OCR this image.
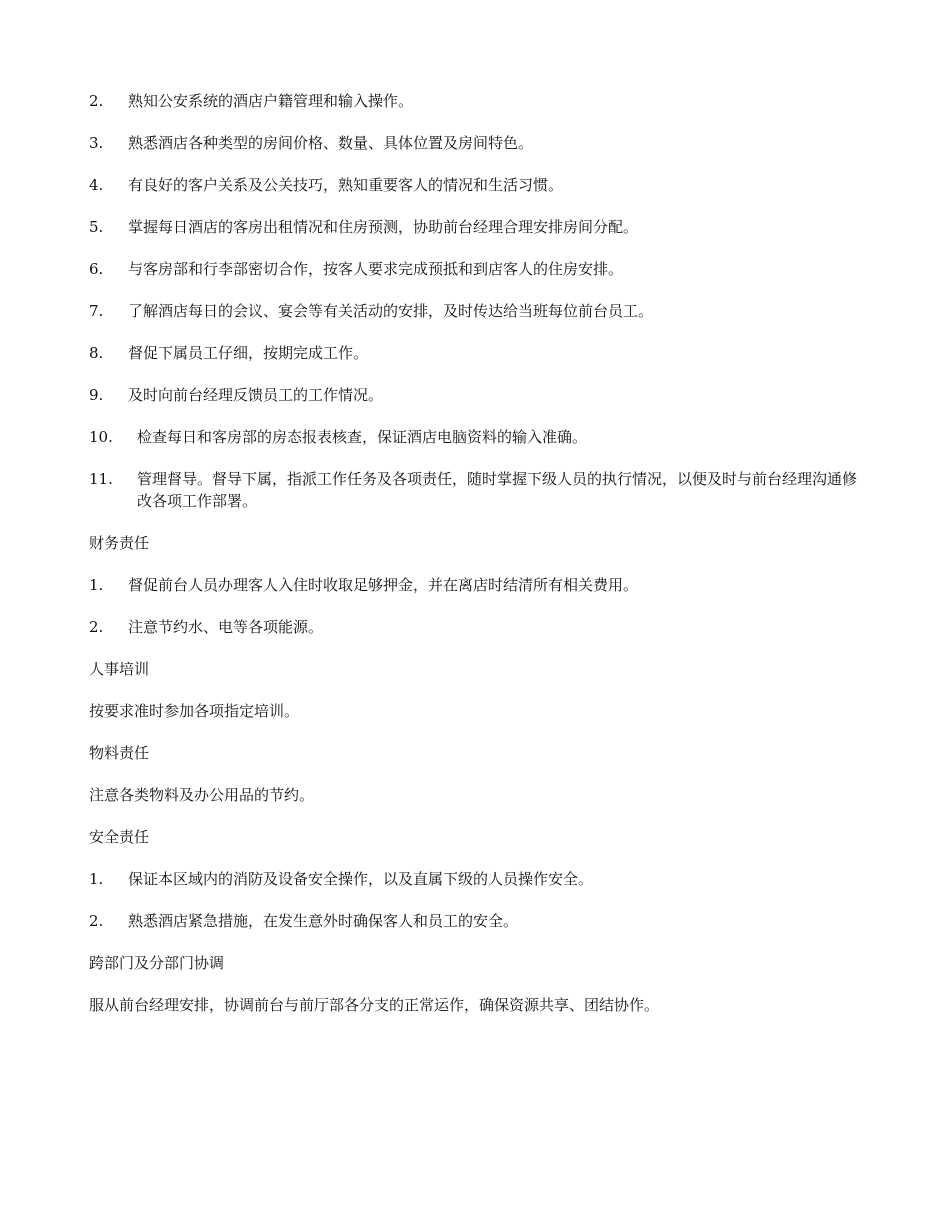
2.	熟知公安系统的酒店户籍管理和输入操作。
3.	熟悉酒店各种类型的房间价格、数量、具体位置及房间特色。
4.	有良好的客户关系及公关技巧，熟知重要客人的情况和生活习惯。
5.	掌握每日酒店的客房出租情况和住房预测，协助前台经理合理安排房间分配。
6.	与客房部和行李部密切合作，按客人要求完成预抵和到店客人的住房安排。
7.	了解酒店每日的会议、宴会等有关活动的安排，及时传达给当班每位前台员工。
8.	督促下属员工仔细，按期完成工作。
9.	及时向前台经理反馈员工的工作情况。
10.	检查每日和客房部的房态报表核查，保证酒店电脑资料的输入准确。
11.	管理督导。督导下属，指派工作任务及各项责任，随时掌握下级人员的执行情况，以便及时与前台经理沟通修改各项工作部署。
财务责任
1.	督促前台人员办理客人入住时收取足够押金，并在离店时结清所有相关费用。
2.	注意节约水、电等各项能源。
人事培训
按要求准时参加各项指定培训。
物料责任
注意各类物料及办公用品的节约。
安全责任
1.	保证本区域内的消防及设备安全操作，以及直属下级的人员操作安全。
2.	熟悉酒店紧急措施，在发生意外时确保客人和员工的安全。
跨部门及分部门协调
服从前台经理安排，协调前台与前厅部各分支的正常运作，确保资源共享、团结协作。
